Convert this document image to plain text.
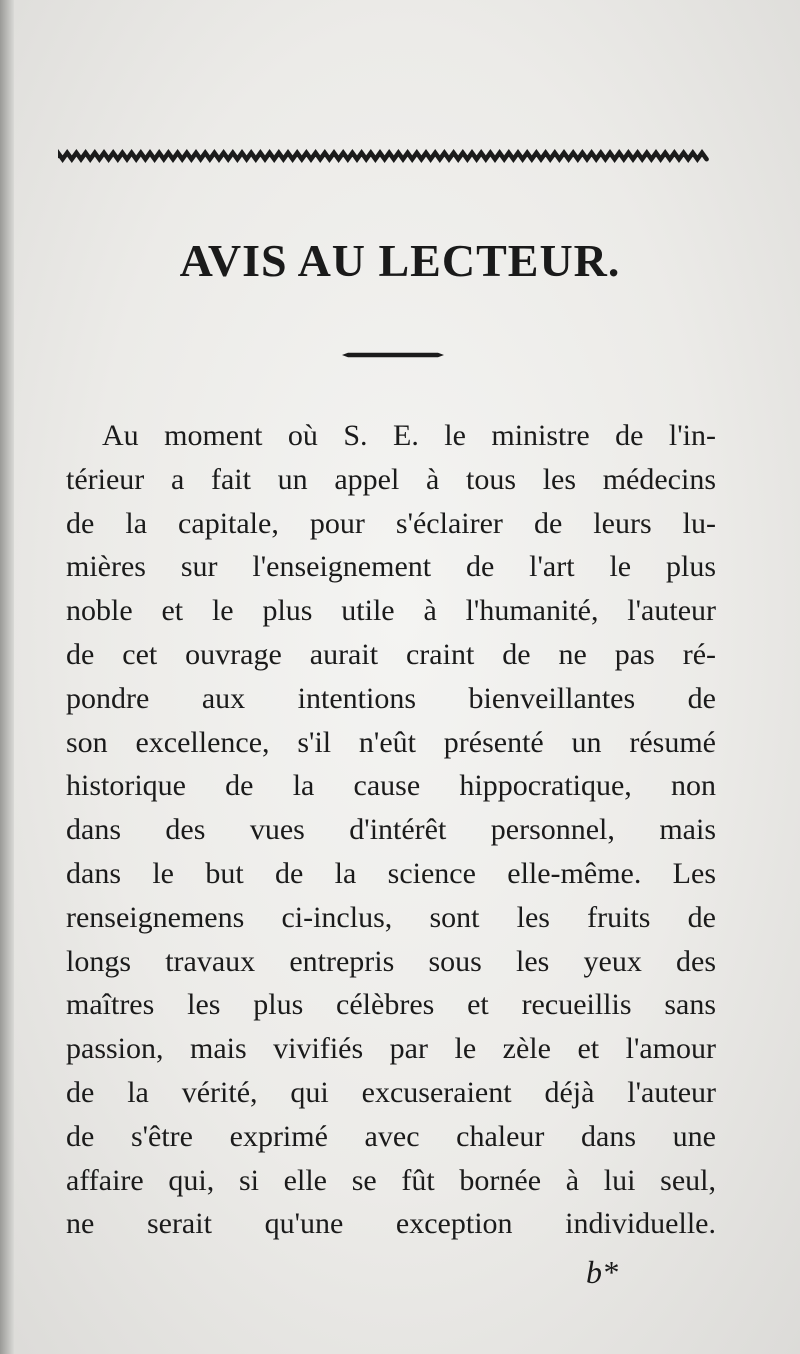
AVIS AU LECTEUR.
Au moment où S. E. le ministre de l'in-
térieur a fait un appel à tous les médecins
de la capitale, pour s'éclairer de leurs lu-
mières sur l'enseignement de l'art le plus
noble et le plus utile à l'humanité, l'auteur
de cet ouvrage aurait craint de ne pas ré-
pondre aux intentions bienveillantes de
son excellence, s'il n'eût présenté un résumé
historique de la cause hippocratique, non
dans des vues d'intérêt personnel, mais
dans le but de la science elle-même. Les
renseignemens ci-inclus, sont les fruits de
longs travaux entrepris sous les yeux des
maîtres les plus célèbres et recueillis sans
passion, mais vivifiés par le zèle et l'amour
de la vérité, qui excuseraient déjà l'auteur
de s'être exprimé avec chaleur dans une
affaire qui, si elle se fût bornée à lui seul,
ne serait qu'une exception individuelle.

b*
